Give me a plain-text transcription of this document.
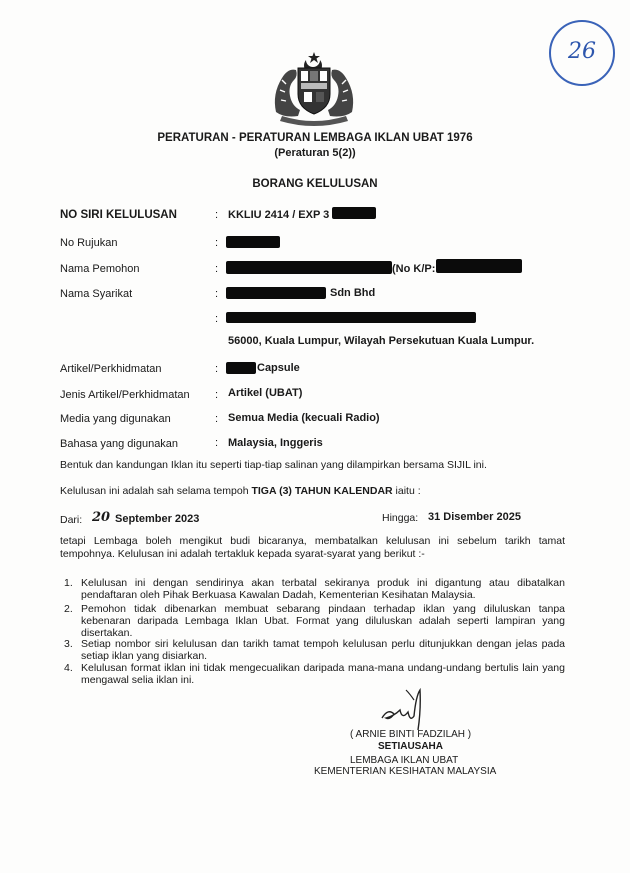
26
PERATURAN - PERATURAN LEMBAGA IKLAN UBAT 1976
(Peraturan 5(2))
BORANG KELULUSAN
NO SIRI KELULUSAN	: KKLIU 2414 / EXP 3
No Rujukan	:
Nama Pemohon	:	(No K/P:
Nama Syarikat	:	Sdn Bhd
:
56000, Kuala Lumpur, Wilayah Persekutuan Kuala Lumpur.
Artikel/Perkhidmatan	:	Capsule
Jenis Artikel/Perkhidmatan : Artikel (UBAT)
Media yang digunakan	: Semua Media (kecuali Radio)
Bahasa yang digunakan	: Malaysia, Inggeris
Bentuk dan kandungan Iklan itu seperti tiap-tiap salinan yang dilampirkan bersama SIJIL ini.
Kelulusan ini adalah sah selama tempoh TIGA (3) TAHUN KALENDAR iaitu :
Dari: 20 September 2023	Hingga: 31 Disember 2025
tetapi Lembaga boleh mengikut budi bicaranya, membatalkan kelulusan ini sebelum tarikh tamat tempohnya. Kelulusan ini adalah tertakluk kepada syarat-syarat yang berikut :-
1. Kelulusan ini dengan sendirinya akan terbatal sekiranya produk ini digantung atau dibatalkan pendaftaran oleh Pihak Berkuasa Kawalan Dadah, Kementerian Kesihatan Malaysia.
2. Pemohon tidak dibenarkan membuat sebarang pindaan terhadap iklan yang diluluskan tanpa kebenaran daripada Lembaga Iklan Ubat. Format yang diluluskan adalah seperti lampiran yang disertakan.
3. Setiap nombor siri kelulusan dan tarikh tamat tempoh kelulusan perlu ditunjukkan dengan jelas pada setiap iklan yang disiarkan.
4. Kelulusan format iklan ini tidak mengecualikan daripada mana-mana undang-undang bertulis lain yang mengawal selia iklan ini.
( ARNIE BINTI FADZILAH )
SETIAUSAHA
LEMBAGA IKLAN UBAT
KEMENTERIAN KESIHATAN MALAYSIA
